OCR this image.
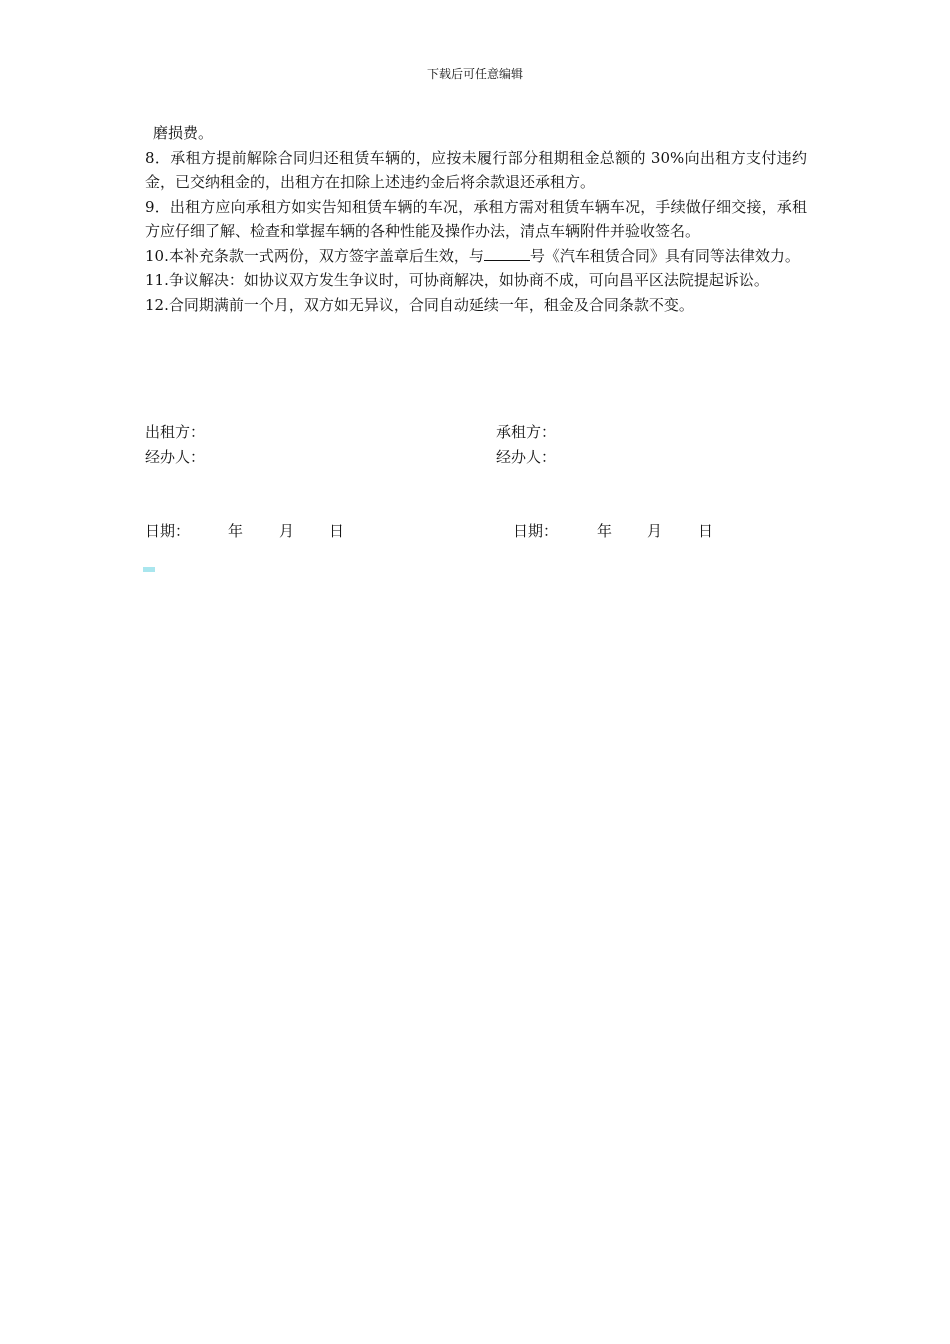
下载后可任意编辑

磨损费。

8．承租方提前解除合同归还租赁车辆的，应按未履行部分租期租金总额的 30%向出租方支付违约金，已交纳租金的，出租方在扣除上述违约金后将余款退还承租方。

9．出租方应向承租方如实告知租赁车辆的车况，承租方需对租赁车辆车况，手续做仔细交接，承租方应仔细了解、检查和掌握车辆的各种性能及操作办法，清点车辆附件并验收签名。

10.本补充条款一式两份，双方签字盖章后生效，与	号《汽车租赁合同》具有同等法律效力。

11.争议解决：如协议双方发生争议时，可协商解决，如协商不成，可向昌平区法院提起诉讼。

12.合同期满前一个月，双方如无异议，合同自动延续一年，租金及合同条款不变。

出租方：	承租方：
经办人：	经办人：
日期：	年 月 日	日期：	年 月 日
